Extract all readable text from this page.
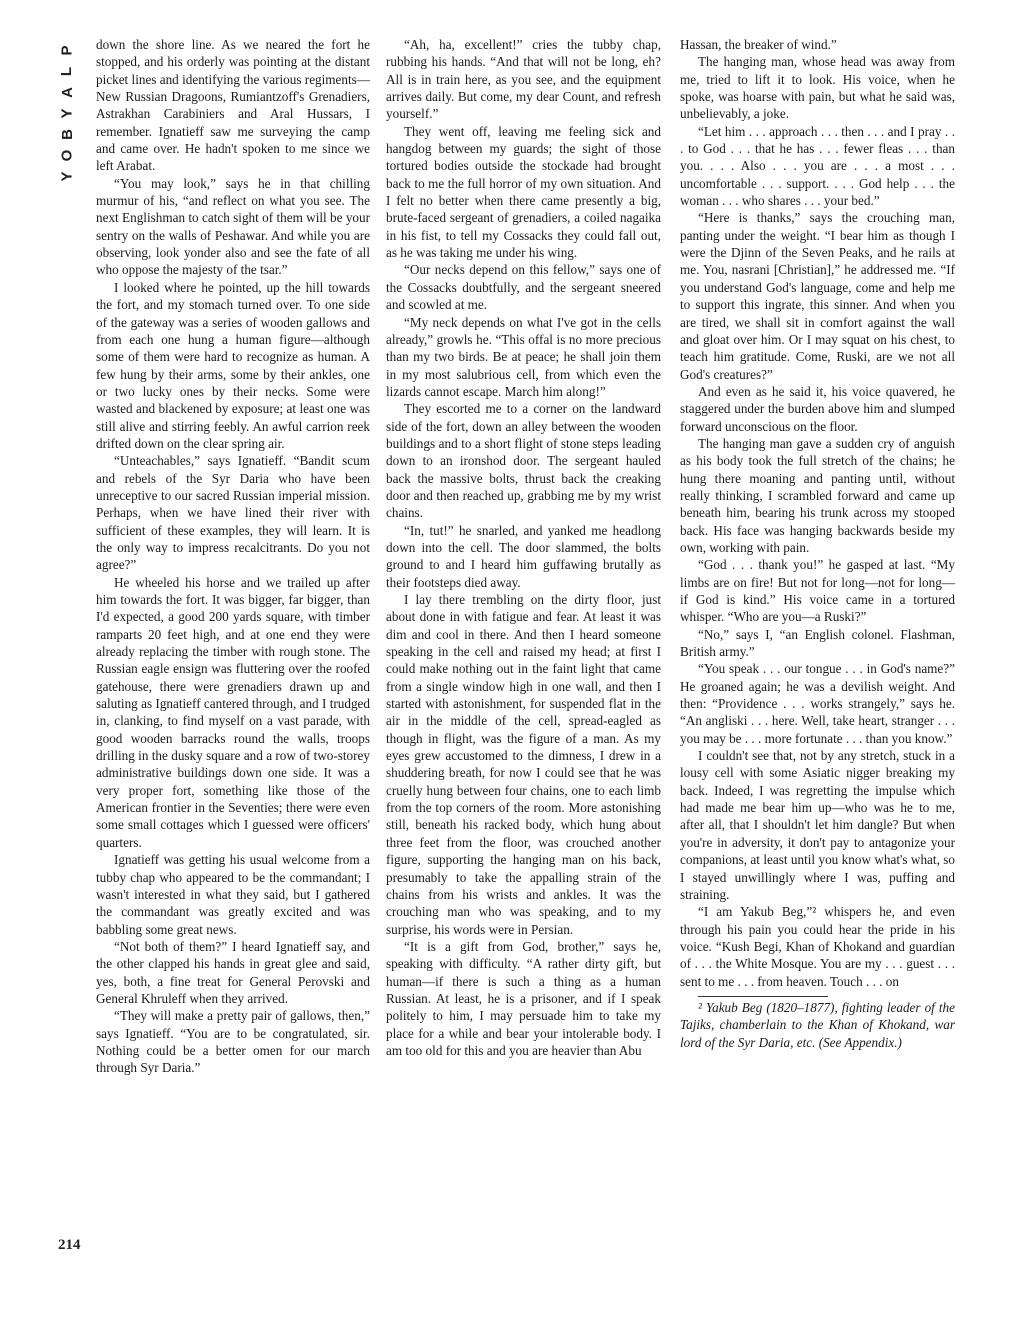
P
L
A
Y
B
O
Y

down the shore line. As we neared the fort he stopped, and his orderly was pointing at the distant picket lines and identifying the various regiments—New Russian Dragoons, Rumiantzoff's Grenadiers, Astrakhan Carabiniers and Aral Hussars, I remember. Ignatieff saw me surveying the camp and came over. He hadn't spoken to me since we left Arabat.

“You may look,” says he in that chilling murmur of his, “and reflect on what you see. The next Englishman to catch sight of them will be your sentry on the walls of Peshawar. And while you are observing, look yonder also and see the fate of all who oppose the majesty of the tsar.”

I looked where he pointed, up the hill towards the fort, and my stomach turned over. To one side of the gateway was a series of wooden gallows and from each one hung a human figure—although some of them were hard to recognize as human. A few hung by their arms, some by their ankles, one or two lucky ones by their necks. Some were wasted and blackened by exposure; at least one was still alive and stirring feebly. An awful carrion reek drifted down on the clear spring air.

“Unteachables,” says Ignatieff. “Bandit scum and rebels of the Syr Daria who have been unreceptive to our sacred Russian imperial mission. Perhaps, when we have lined their river with sufficient of these examples, they will learn. It is the only way to impress recalcitrants. Do you not agree?”

He wheeled his horse and we trailed up after him towards the fort. It was bigger, far bigger, than I'd expected, a good 200 yards square, with timber ramparts 20 feet high, and at one end they were already replacing the timber with rough stone. The Russian eagle ensign was fluttering over the roofed gatehouse, there were grenadiers drawn up and saluting as Ignatieff cantered through, and I trudged in, clanking, to find myself on a vast parade, with good wooden barracks round the walls, troops drilling in the dusky square and a row of two-storey administrative buildings down one side. It was a very proper fort, something like those of the American frontier in the Seventies; there were even some small cottages which I guessed were officers' quarters.

Ignatieff was getting his usual welcome from a tubby chap who appeared to be the commandant; I wasn't interested in what they said, but I gathered the commandant was greatly excited and was babbling some great news.

“Not both of them?” I heard Ignatieff say, and the other clapped his hands in great glee and said, yes, both, a fine treat for General Perovski and General Khruleff when they arrived.

“They will make a pretty pair of gallows, then,” says Ignatieff. “You are to be congratulated, sir. Nothing could be a better omen for our march through Syr Daria.”

“Ah, ha, excellent!” cries the tubby chap, rubbing his hands. “And that will not be long, eh? All is in train here, as you see, and the equipment arrives daily. But come, my dear Count, and refresh yourself.”

They went off, leaving me feeling sick and hangdog between my guards; the sight of those tortured bodies outside the stockade had brought back to me the full horror of my own situation. And I felt no better when there came presently a big, brute-faced sergeant of grenadiers, a coiled nagaika in his fist, to tell my Cossacks they could fall out, as he was taking me under his wing.

“Our necks depend on this fellow,” says one of the Cossacks doubtfully, and the sergeant sneered and scowled at me.

“My neck depends on what I've got in the cells already,” growls he. “This offal is no more precious than my two birds. Be at peace; he shall join them in my most salubrious cell, from which even the lizards cannot escape. March him along!”

They escorted me to a corner on the landward side of the fort, down an alley between the wooden buildings and to a short flight of stone steps leading down to an ironshod door. The sergeant hauled back the massive bolts, thrust back the creaking door and then reached up, grabbing me by my wrist chains.

“In, tut!” he snarled, and yanked me headlong down into the cell. The door slammed, the bolts ground to and I heard him guffawing brutally as their footsteps died away.

I lay there trembling on the dirty floor, just about done in with fatigue and fear. At least it was dim and cool in there. And then I heard someone speaking in the cell and raised my head; at first I could make nothing out in the faint light that came from a single window high in one wall, and then I started with astonishment, for suspended flat in the air in the middle of the cell, spread-eagled as though in flight, was the figure of a man. As my eyes grew accustomed to the dimness, I drew in a shuddering breath, for now I could see that he was cruelly hung between four chains, one to each limb from the top corners of the room. More astonishing still, beneath his racked body, which hung about three feet from the floor, was crouched another figure, supporting the hanging man on his back, presumably to take the appalling strain of the chains from his wrists and ankles. It was the crouching man who was speaking, and to my surprise, his words were in Persian.

“It is a gift from God, brother,” says he, speaking with difficulty. “A rather dirty gift, but human—if there is such a thing as a human Russian. At least, he is a prisoner, and if I speak politely to him, I may persuade him to take my place for a while and bear your intolerable body. I am too old for this and you are heavier than Abu

Hassan, the breaker of wind.”

The hanging man, whose head was away from me, tried to lift it to look. His voice, when he spoke, was hoarse with pain, but what he said was, unbelievably, a joke.

“Let him . . . approach . . . then . . . and I pray . . . to God . . . that he has . . . fewer fleas . . . than you. . . . Also . . . you are . . . a most . . . uncomfortable . . . support. . . . God help . . . the woman . . . who shares . . . your bed.”

“Here is thanks,” says the crouching man, panting under the weight. “I bear him as though I were the Djinn of the Seven Peaks, and he rails at me. You, nasrani [Christian],” he addressed me. “If you understand God's language, come and help me to support this ingrate, this sinner. And when you are tired, we shall sit in comfort against the wall and gloat over him. Or I may squat on his chest, to teach him gratitude. Come, Ruski, are we not all God's creatures?”

And even as he said it, his voice quavered, he staggered under the burden above him and slumped forward unconscious on the floor.

The hanging man gave a sudden cry of anguish as his body took the full stretch of the chains; he hung there moaning and panting until, without really thinking, I scrambled forward and came up beneath him, bearing his trunk across my stooped back. His face was hanging backwards beside my own, working with pain.

“God . . . thank you!” he gasped at last. “My limbs are on fire! But not for long—not for long—if God is kind.” His voice came in a tortured whisper. “Who are you—a Ruski?”

“No,” says I, “an English colonel. Flashman, British army.”

“You speak . . . our tongue . . . in God's name?” He groaned again; he was a devilish weight. And then: “Providence . . . works strangely,” says he. “An angliski . . . here. Well, take heart, stranger . . . you may be . . . more fortunate . . . than you know.”

I couldn't see that, not by any stretch, stuck in a lousy cell with some Asiatic nigger breaking my back. Indeed, I was regretting the impulse which had made me bear him up—who was he to me, after all, that I shouldn't let him dangle? But when you're in adversity, it don't pay to antagonize your companions, at least until you know what's what, so I stayed unwillingly where I was, puffing and straining.

“I am Yakub Beg,”² whispers he, and even through his pain you could hear the pride in his voice. “Kush Begi, Khan of Khokand and guardian of . . . the White Mosque. You are my . . . guest . . . sent to me . . . from heaven. Touch . . . on

² Yakub Beg (1820–1877), fighting leader of the Tajiks, chamberlain to the Khan of Khokand, war lord of the Syr Daria, etc. (See Appendix.)

214
